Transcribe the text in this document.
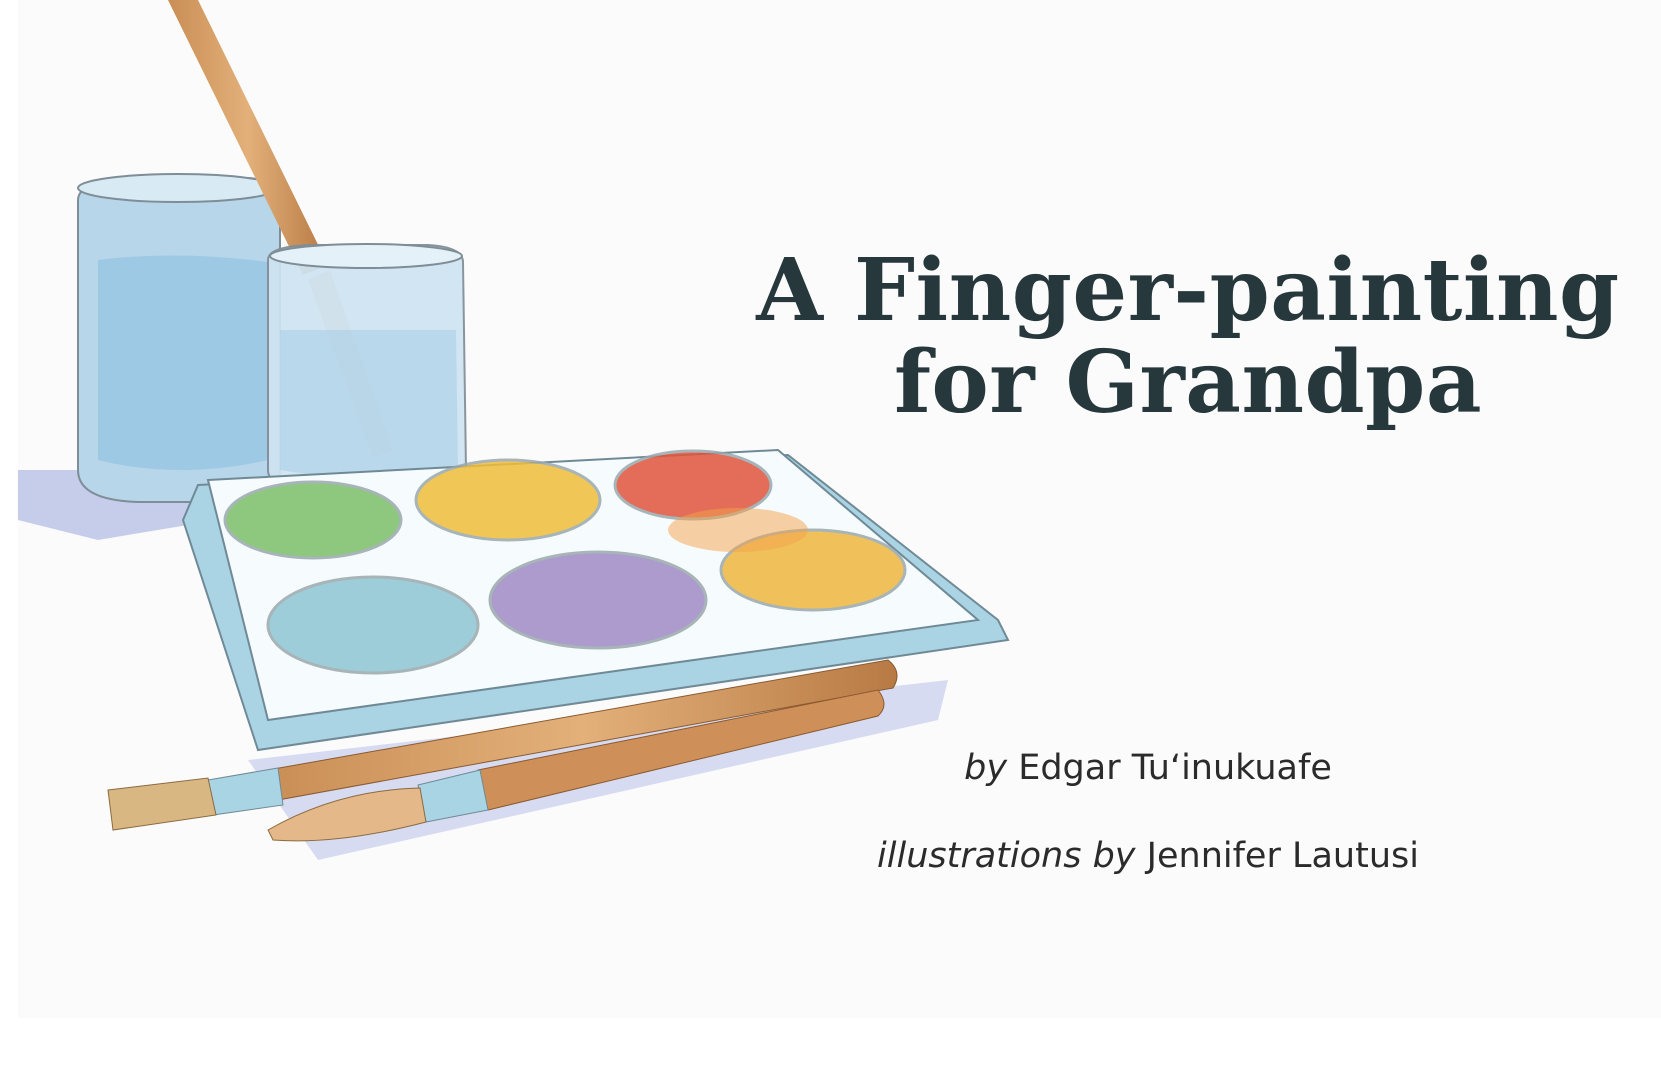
A Finger-painting
for Grandpa

by Edgar Tu‘inukuafe

illustrations by Jennifer Lautusi
